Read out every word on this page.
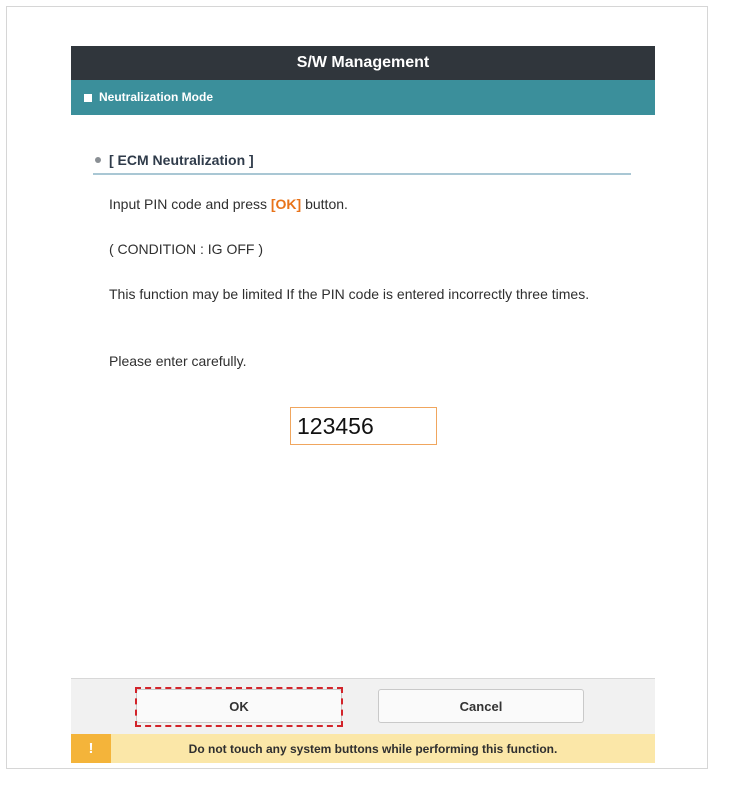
S/W Management
Neutralization Mode
[ ECM Neutralization ]
Input PIN code and press [OK] button.
( CONDITION : IG OFF )
This function may be limited If the PIN code is entered incorrectly three times.
Please enter carefully.
123456
OK	Cancel
!	Do not touch any system buttons while performing this function.
